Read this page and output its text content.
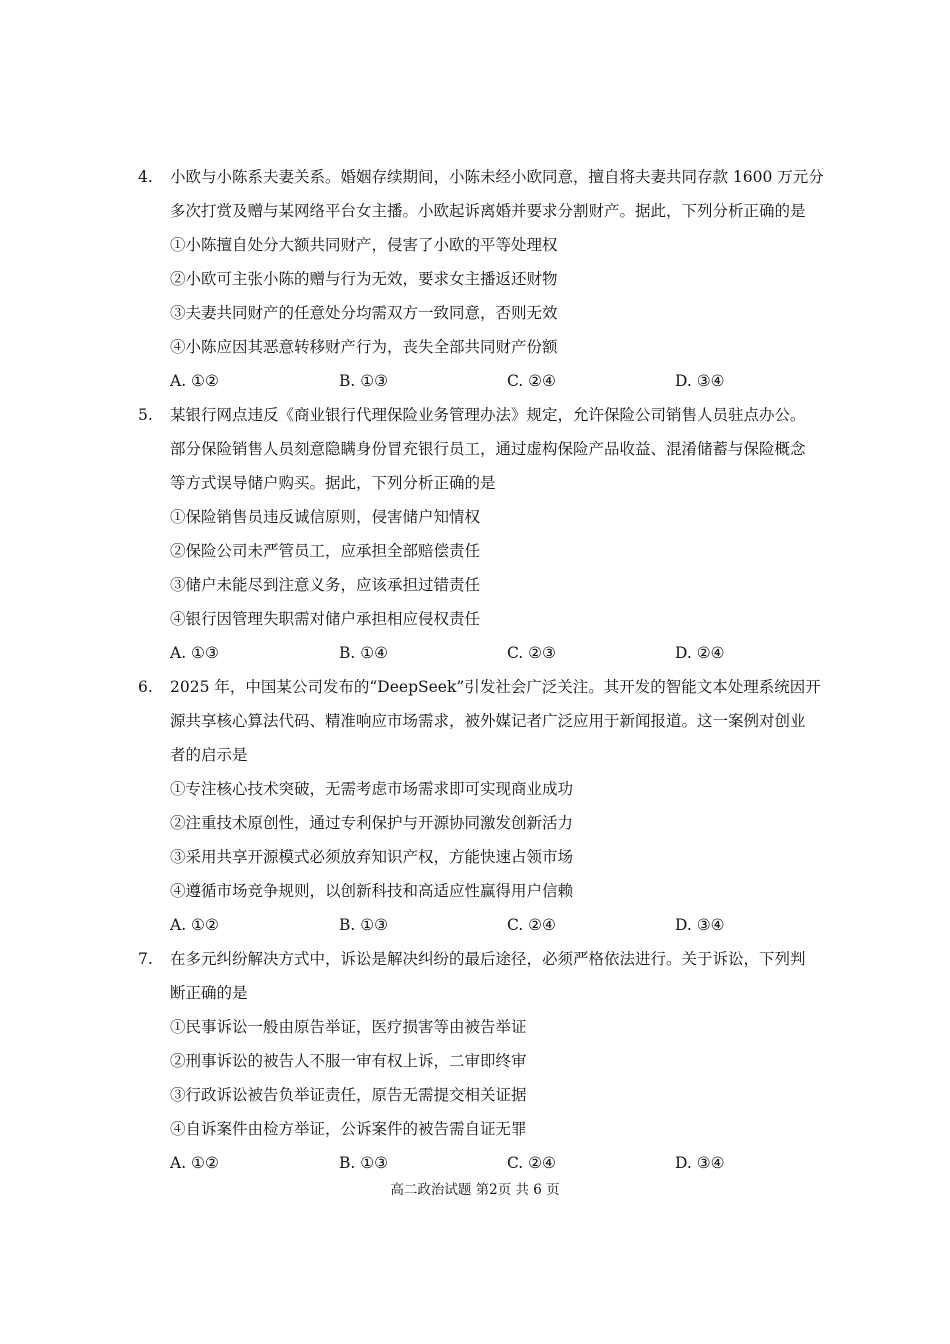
4. 小欧与小陈系夫妻关系。婚姻存续期间，小陈未经小欧同意，擅自将夫妻共同存款 1600 万元分
多次打赏及赠与某网络平台女主播。小欧起诉离婚并要求分割财产。据此，下列分析正确的是
①小陈擅自处分大额共同财产，侵害了小欧的平等处理权
②小欧可主张小陈的赠与行为无效，要求女主播返还财物
③夫妻共同财产的任意处分均需双方一致同意，否则无效
④小陈应因其恶意转移财产行为，丧失全部共同财产份额
A. ①②	B. ①③	C. ②④	D. ③④
5. 某银行网点违反《商业银行代理保险业务管理办法》规定，允许保险公司销售人员驻点办公。
部分保险销售人员刻意隐瞒身份冒充银行员工，通过虚构保险产品收益、混淆储蓄与保险概念
等方式误导储户购买。据此，下列分析正确的是
①保险销售员违反诚信原则，侵害储户知情权
②保险公司未严管员工，应承担全部赔偿责任
③储户未能尽到注意义务，应该承担过错责任
④银行因管理失职需对储户承担相应侵权责任
A. ①③	B. ①④	C. ②③	D. ②④
6. 2025 年，中国某公司发布的“DeepSeek”引发社会广泛关注。其开发的智能文本处理系统因开
源共享核心算法代码、精准响应市场需求，被外媒记者广泛应用于新闻报道。这一案例对创业
者的启示是
①专注核心技术突破，无需考虑市场需求即可实现商业成功
②注重技术原创性，通过专利保护与开源协同激发创新活力
③采用共享开源模式必须放弃知识产权，方能快速占领市场
④遵循市场竞争规则，以创新科技和高适应性赢得用户信赖
A. ①②	B. ①③	C. ②④	D. ③④
7. 在多元纠纷解决方式中，诉讼是解决纠纷的最后途径，必须严格依法进行。关于诉讼，下列判
断正确的是
①民事诉讼一般由原告举证，医疗损害等由被告举证
②刑事诉讼的被告人不服一审有权上诉，二审即终审
③行政诉讼被告负举证责任，原告无需提交相关证据
④自诉案件由检方举证，公诉案件的被告需自证无罪
A. ①②	B. ①③	C. ②④	D. ③④
高二政治试题 第2页 共 6 页
